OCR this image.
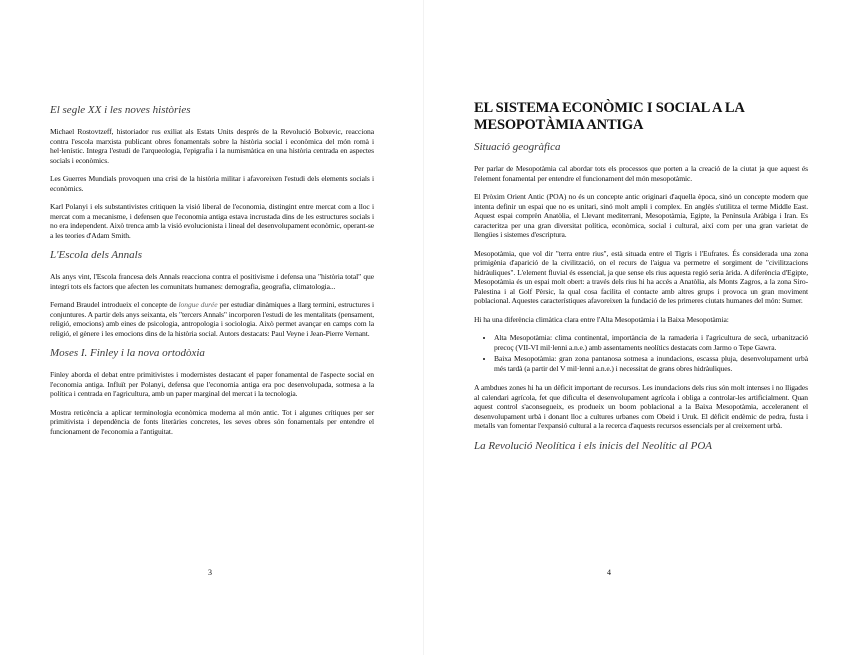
El segle XX i les noves històries

Michael Rostovtzeff, historiador rus exiliat als Estats Units després de la Revolució Bolxevic, reacciona contra l'escola marxista publicant obres fonamentals sobre la història social i econòmica del món romà i hel·lenístic. Integra l'estudi de l'arqueologia, l'epigrafia i la numismàtica en una història centrada en aspectes socials i econòmics.

Les Guerres Mundials provoquen una crisi de la història militar i afavoreixen l'estudi dels elements socials i econòmics.

Karl Polanyi i els substantivistes critiquen la visió liberal de l'economia, distingint entre mercat com a lloc i mercat com a mecanisme, i defensen que l'economia antiga estava incrustada dins de les estructures socials i no era independent. Això trenca amb la visió evolucionista i lineal del desenvolupament econòmic, operant-se a les teories d'Adam Smith.

L'Escola dels Annals

Als anys vint, l'Escola francesa dels Annals reacciona contra el positivisme i defensa una "història total" que integri tots els factors que afecten les comunitats humanes: demografia, geografia, climatologia...

Fernand Braudel introdueix el concepte de longue durée per estudiar dinàmiques a llarg termini, estructures i conjuntures. A partir dels anys seixanta, els "tercers Annals" incorporen l'estudi de les mentalitats (pensament, religió, emocions) amb eines de psicologia, antropologia i sociologia. Això permet avançar en camps com la religió, el gènere i les emocions dins de la història social. Autors destacats: Paul Veyne i Jean-Pierre Vernant.

Moses I. Finley i la nova ortodòxia

Finley aborda el debat entre primitivistes i modernistes destacant el paper fonamental de l'aspecte social en l'economia antiga. Influït per Polanyi, defensa que l'economia antiga era poc desenvolupada, sotmesa a la política i centrada en l'agricultura, amb un paper marginal del mercat i la tecnologia.

Mostra reticència a aplicar terminologia econòmica moderna al món antic. Tot i algunes crítiques per ser primitivista i dependència de fonts literàries concretes, les seves obres són fonamentals per entendre el funcionament de l'economia a l'antiguitat.

3
EL SISTEMA ECONÒMIC I SOCIAL A LA MESOPOTÀMIA ANTIGA
Situació geogràfica

Per parlar de Mesopotàmia cal abordar tots els processos que porten a la creació de la ciutat ja que aquest és l'element fonamental per entendre el funcionament del món mesopotàmic.

El Pròxim Orient Antic (POA) no és un concepte antic originari d'aquella època, sinó un concepte modern que intenta definir un espai que no es unitari, sinó molt ampli i complex. En anglès s'utilitza el terme Middle East. Aquest espai comprèn Anatòlia, el Llevant mediterrani, Mesopotàmia, Egipte, la Península Aràbiga i Iran. Es caracteritza per una gran diversitat política, econòmica, social i cultural, així com per una gran varietat de llengües i sistemes d'escriptura.

Mesopotàmia, que vol dir "terra entre rius", està situada entre el Tigris i l'Eufrates. És considerada una zona primigènia d'aparició de la civilització, on el recurs de l'aigua va permetre el sorgiment de "civilitzacions hidràuliques". L'element fluvial és essencial, ja que sense els rius aquesta regió seria àrida. A diferència d'Egipte, Mesopotàmia és un espai molt obert: a través dels rius hi ha accés a Anatòlia, als Monts Zagros, a la zona Siro-Palestina i al Golf Pèrsic, la qual cosa facilita el contacte amb altres grups i provoca un gran moviment poblacional. Aquestes característiques afavoreixen la fundació de les primeres ciutats humanes del món: Sumer.

Hi ha una diferència climàtica clara entre l'Alta Mesopotàmia i la Baixa Mesopotàmia:

• Alta Mesopotàmia: clima continental, importància de la ramaderia i l'agricultura de secà, urbanització precoç (VII-VI mil·lenni a.n.e.) amb assentaments neolítics destacats com Jarmo o Tepe Gawra.
• Baixa Mesopotàmia: gran zona pantanosa sotmesa a inundacions, escassa pluja, desenvolupament urbà més tardà (a partir del V mil·lenni a.n.e.) i necessitat de grans obres hidràuliques.

A ambdues zones hi ha un dèficit important de recursos. Les inundacions dels rius són molt intenses i no lligades al calendari agrícola, fet que dificulta el desenvolupament agrícola i obliga a controlar-les artificialment. Quan aquest control s'aconsegueix, es produeix un boom poblacional a la Baixa Mesopotàmia, acceleranent el desenvolupament urbà i donant lloc a cultures urbanes com Obeid i Uruk. El dèficit endèmic de pedra, fusta i metalls van fomentar l'expansió cultural a la recerca d'aquests recursos essencials per al creixement urbà.

La Revolució Neolítica i els inicis del Neolític al POA
4
